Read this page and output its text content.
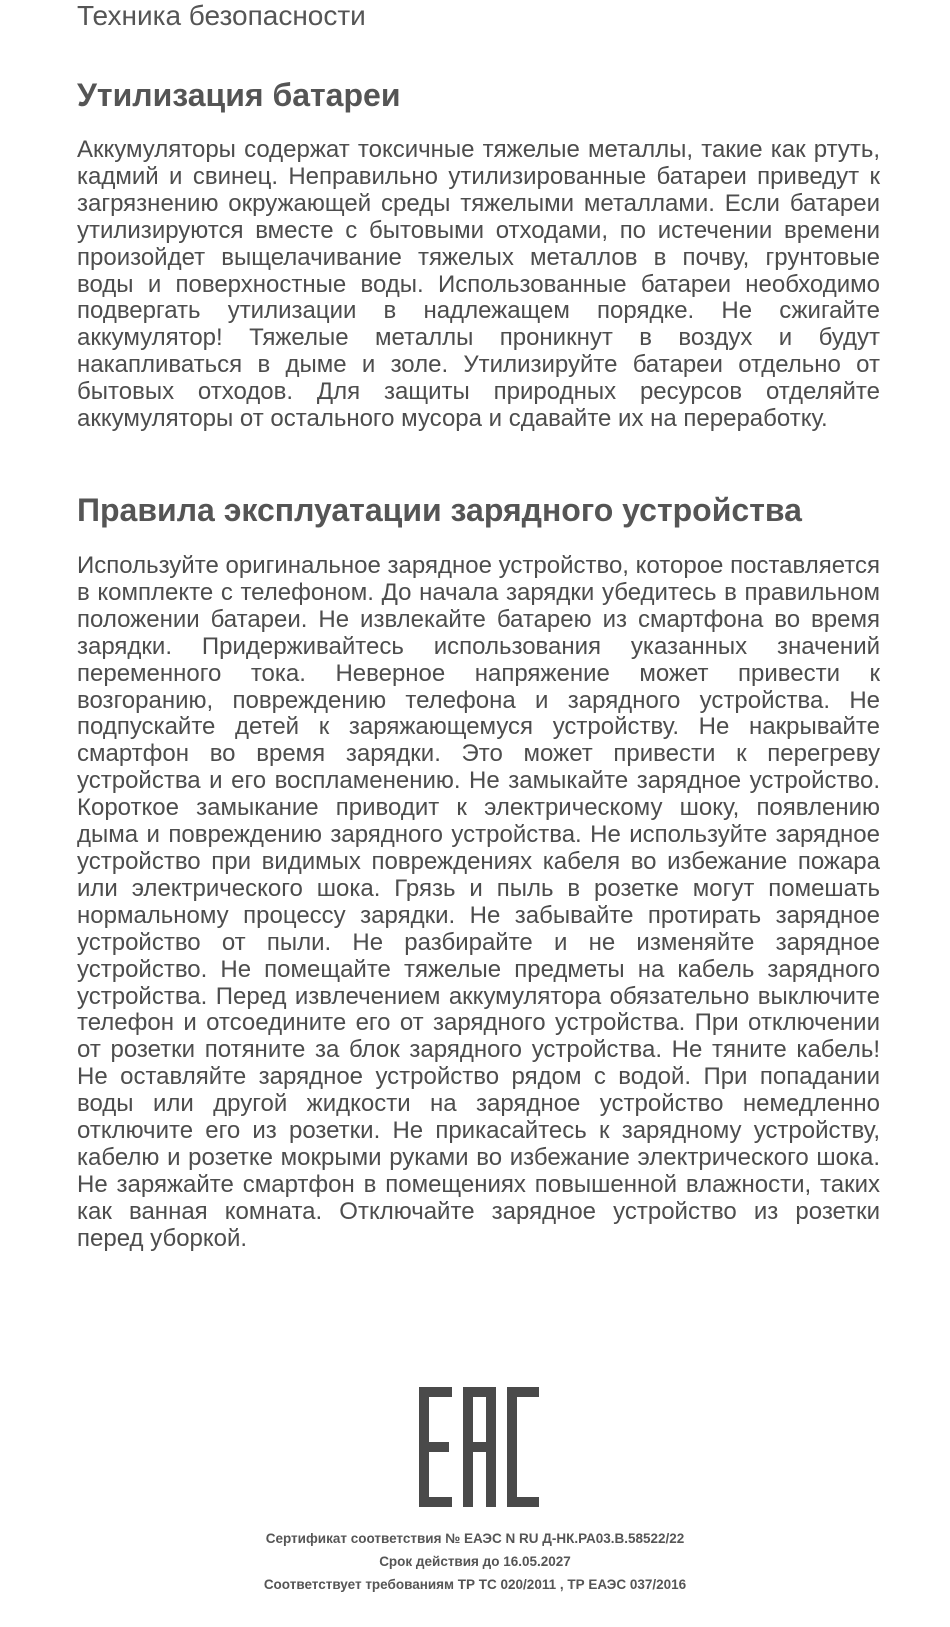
Техника безопасности

Утилизация батареи

Аккумуляторы содержат токсичные тяжелые металлы, такие как ртуть, кадмий и свинец. Неправильно утилизированные батареи приведут к загрязнению окружающей среды тяжелыми металлами. Если батареи утилизируются вместе с бытовыми отходами, по истечении времени произойдет выщелачивание тяжелых металлов в почву, грунтовые воды и поверхностные воды. Использованные батареи необходимо подвергать утилизации в надлежащем порядке. Не сжигайте аккумулятор! Тяжелые металлы проникнут в воздух и будут накапливаться в дыме и золе. Утилизируйте батареи отдельно от бытовых отходов. Для защиты природных ресурсов отделяйте аккумуляторы от остального мусора и сдавайте их на переработку.

Правила эксплуатации зарядного устройства

Используйте оригинальное зарядное устройство, которое поставляется в комплекте с телефоном. До начала зарядки убедитесь в правильном положении батареи. Не извлекайте батарею из смартфона во время зарядки. Придерживайтесь использования указанных значений переменного тока. Неверное напряжение может привести к возгоранию, повреждению телефона и зарядного устройства. Не подпускайте детей к заряжающемуся устройству. Не накрывайте смартфон во время зарядки. Это может привести к перегреву устройства и его воспламенению. Не замыкайте зарядное устройство. Короткое замыкание приводит к электрическому шоку, появлению дыма и повреждению зарядного устройства. Не используйте зарядное устройство при видимых повреждениях кабеля во избежание пожара или электрического шока. Грязь и пыль в розетке могут помешать нормальному процессу зарядки. Не забывайте протирать зарядное устройство от пыли. Не разбирайте и не изменяйте зарядное устройство. Не помещайте тяжелые предметы на кабель зарядного устройства. Перед извлечением аккумулятора обязательно выключите телефон и отсоедините его от зарядного устройства. При отключении от розетки потяните за блок зарядного устройства. Не тяните кабель! Не оставляйте зарядное устройство рядом с водой. При попадании воды или другой жидкости на зарядное устройство немедленно отключите его из розетки. Не прикасайтесь к зарядному устройству, кабелю и розетке мокрыми руками во избежание электрического шока. Не заряжайте смартфон в помещениях повышенной влажности, таких как ванная комната. Отключайте зарядное устройство из розетки перед уборкой.

Сертификат соответствия № ЕАЭС N RU Д-НК.РА03.В.58522/22

Срок действия до 16.05.2027

Соответствует требованиям ТР ТС 020/2011 , ТР ЕАЭС 037/2016
